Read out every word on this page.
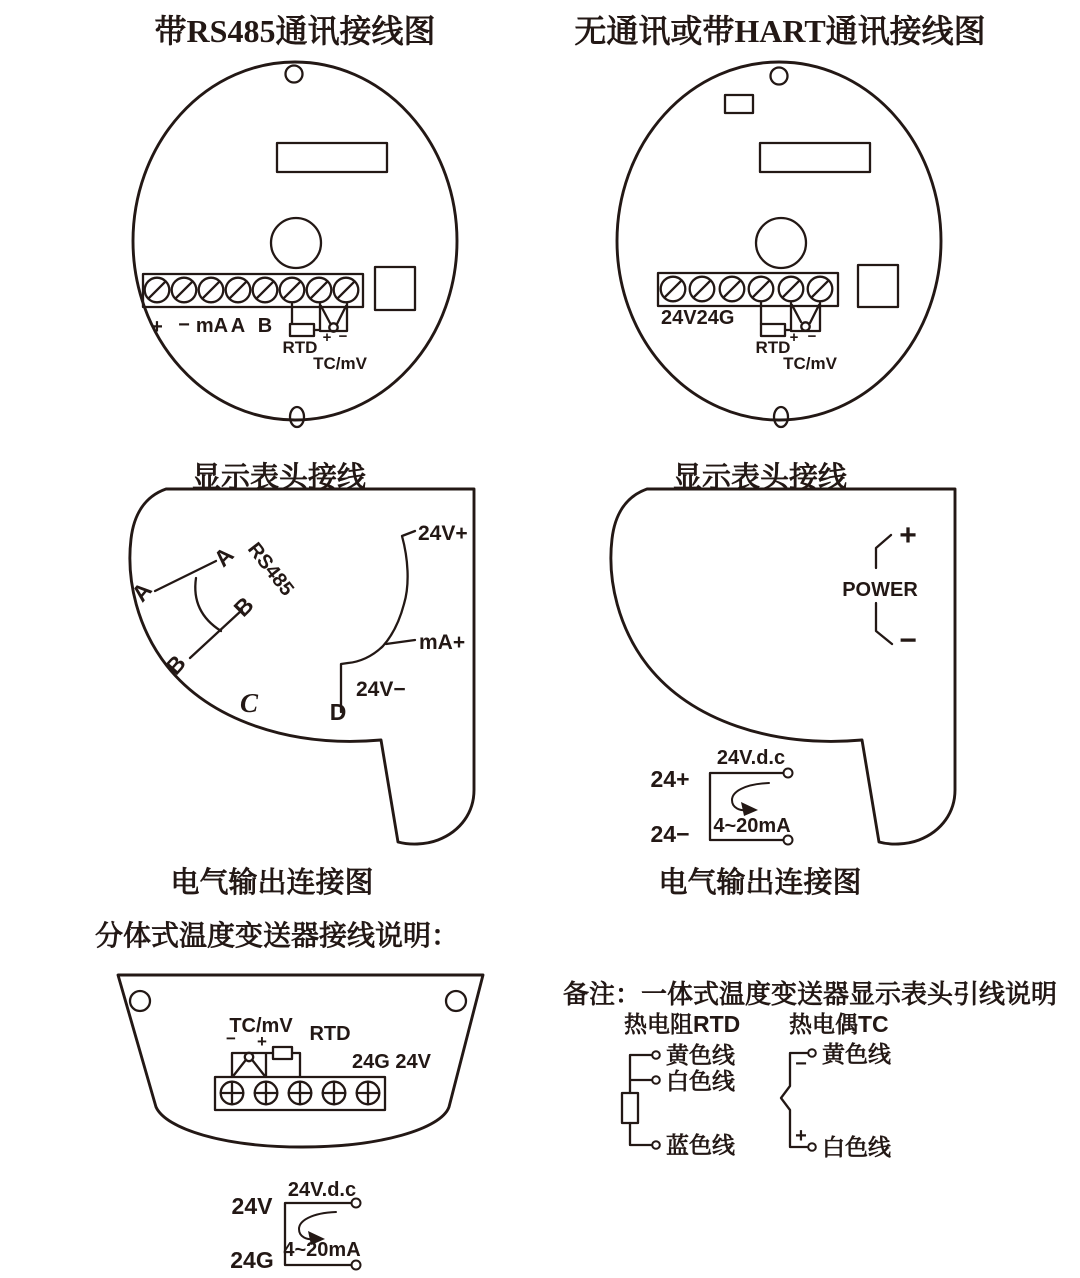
带RS485通讯接线图	无通讯或带HART通讯接线图
+ − mA A B
RTD
+ −
TC/mV
24V24G
RTD
+ −
TC/mV
显示表头接线	显示表头接线
A
A	RS485
B
B
C	D
24V+
mA+
24V−
+
POWER
−
24V.d.c
24+
24− 4~20mA
电气输出连接图	电气输出连接图
分体式温度变送器接线说明：
TC/mV
− + RTD
24G 24V
24V.d.c
24V
24G 4~20mA
备注：一体式温度变送器显示表头引线说明
热电阻RTD 热电偶TC
黄色线
白色线
蓝色线
−
+
黄色线
白色线
